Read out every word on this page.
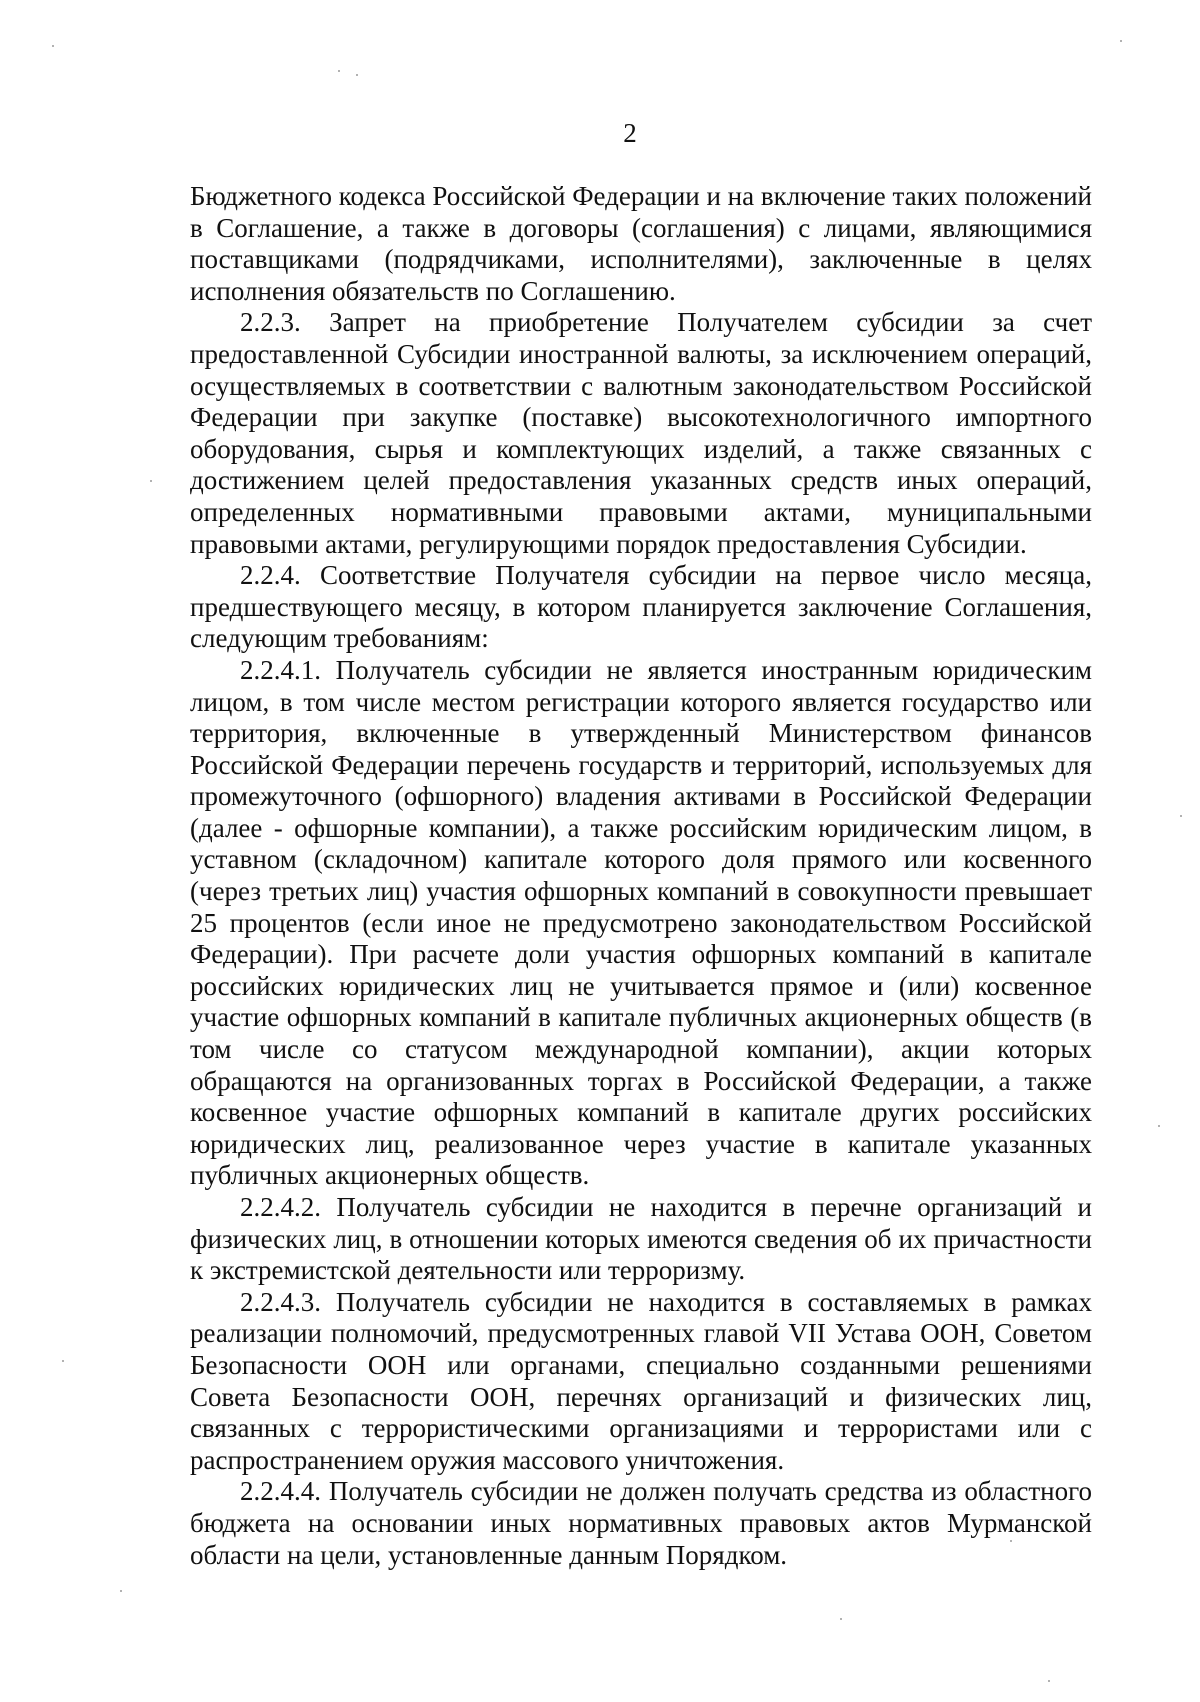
2

Бюджетного кодекса Российской Федерации и на включение таких положений в Соглашение, а также в договоры (соглашения) с лицами, являющимися поставщиками (подрядчиками, исполнителями), заключенные в целях исполнения обязательств по Соглашению.

2.2.3. Запрет на приобретение Получателем субсидии за счет предоставленной Субсидии иностранной валюты, за исключением операций, осуществляемых в соответствии с валютным законодательством Российской Федерации при закупке (поставке) высокотехнологичного импортного оборудования, сырья и комплектующих изделий, а также связанных с достижением целей предоставления указанных средств иных операций, определенных нормативными правовыми актами, муниципальными правовыми актами, регулирующими порядок предоставления Субсидии.

2.2.4. Соответствие Получателя субсидии на первое число месяца, предшествующего месяцу, в котором планируется заключение Соглашения, следующим требованиям:

2.2.4.1. Получатель субсидии не является иностранным юридическим лицом, в том числе местом регистрации которого является государство или территория, включенные в утвержденный Министерством финансов Российской Федерации перечень государств и территорий, используемых для промежуточного (офшорного) владения активами в Российской Федерации (далее - офшорные компании), а также российским юридическим лицом, в уставном (складочном) капитале которого доля прямого или косвенного (через третьих лиц) участия офшорных компаний в совокупности превышает 25 процентов (если иное не предусмотрено законодательством Российской Федерации). При расчете доли участия офшорных компаний в капитале российских юридических лиц не учитывается прямое и (или) косвенное участие офшорных компаний в капитале публичных акционерных обществ (в том числе со статусом международной компании), акции которых обращаются на организованных торгах в Российской Федерации, а также косвенное участие офшорных компаний в капитале других российских юридических лиц, реализованное через участие в капитале указанных публичных акционерных обществ.

2.2.4.2. Получатель субсидии не находится в перечне организаций и физических лиц, в отношении которых имеются сведения об их причастности к экстремистской деятельности или терроризму.

2.2.4.3. Получатель субсидии не находится в составляемых в рамках реализации полномочий, предусмотренных главой VII Устава ООН, Советом Безопасности ООН или органами, специально созданными решениями Совета Безопасности ООН, перечнях организаций и физических лиц, связанных с террористическими организациями и террористами или с распространением оружия массового уничтожения.

2.2.4.4. Получатель субсидии не должен получать средства из областного бюджета на основании иных нормативных правовых актов Мурманской области на цели, установленные данным Порядком.
